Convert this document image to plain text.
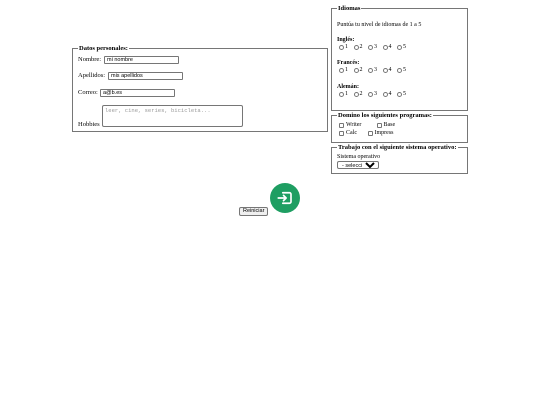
Datos personales:
Nombre:
mi nombre
Apellidos:
mis apellidos
Correo:
a@b.es
Hobbies
leer, cine, series, bicicleta...
Idiomas
Puntúa tu nivel de idiomas de 1 a 5
Inglés:
1 2 3 4 5
Francés:
1 2 3 4 5
Alemán:
1 2 3 4 5
Domino los siguientes programas:
Writer	Base
Calc	Impress
Trabajo con el siguiente sistema operativo:
Sistema operativo
- selecciona -
Reiniciar
